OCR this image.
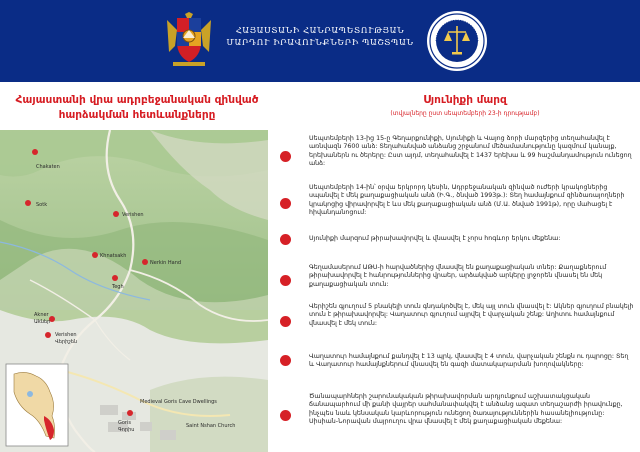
ՀԱՅԱՍՏԱՆԻ ՀԱՆՐԱՊԵՏՈՒԹՅԱՆ
ՄԱՐԴՈՒ ԻՐԱՎՈՒՆՔՆԵՐԻ ՊԱՇՏՊԱՆ
Հայաստանի վրա ադրբեջանական զինված
հարձակման հետևանքները
Chakaten
Sotk
Verishen
Khnatsakh
Nerkin Hand
Tegh
Akner
Աkներ
Verishen
Վերիշեն
Goris
Գորիս
Medieval Goris Cave Dwellings
Saint Nshan Church
Սյունիքի մարզ
(տվյալները ըստ սեպտեմբերի 23-ի դրությամբ)
Սեպտեմբերի 13-ից 15-ը Գեղարքունիքի, Սյունիքի և Վայոց ձորի մարզերից տեղահանվել է առնվազն 7600 անձ: Տեղահանված անձանց շրջանում մեծամասնությունը կազմում կանայք, երեխաներն ու ծերերը: Ըստ այդմ, տեղահանվել է 1437 երեխա և 99 հաշմանդամություն ունեցող անձ:
Սեպտեմբերի 14-ին՝ օրվա երկրորդ կեսին, Ադրբեջանական զինված ուժերի կրակոցներից սպանվել է մեկ քաղաքացիական անձ (Ի.Գ., ծնված 1993թ.): Տեղ համայնքում զինծառայողների կրակոցից վիրավորվել է ևս մեկ քաղաքացիական անձ (Մ.Ա. ծնված 1991թ), որը մահացել է հիվանդանոցում:
Սյունիքի մարզում թիրախավորվել և վնասվել է չորս հոգևոր երկու մեքենա:
Գեղամասերում ԱԹՍ-ի հարվածներից վնասվել են քաղաքացիական տներ: Քաղաքներում թիրախավորվել է հանրություններից վրաեր, արձակված արկերը լրջորեն վնասել են մեկ քաղաքացիական տուն:
Վերիշեն գյուղում 5 բնակելի տուն գնդակոծվել է, մեկ այլ տուն վնասվել է: Ակներ գյուղում բնակելի տուն է թիրախավորվել: Վաղատուր գյուղում այրվել է վարչական շենք: Աղիտու համայնքում վնասվել է մեկ տուն:
Վաղատուր համայնքում քանդվել է 13 պրկ, վնասվել է 4 տուն, վարչական շենքն ու դպրոցը: Տեղ և Վաղատուր համայնքներում վնասվել են գազի մատակարարման խողովակները:
Ծանապարհների շարունակական թիրախավորման արդյունքում աշխատակցական ճանապարհում մի քանի վայրեր սահմանափակվել է անձանց ազատ տեղաշարժի իրավունքը, ինչպես նաև կենսական կարևորություն ունեցող ծառայություններին հասանելիությունը: Սիսիան-Նորավան մայրուղու վրա վնասվել է մեկ քաղաքացիական մեքենա:
